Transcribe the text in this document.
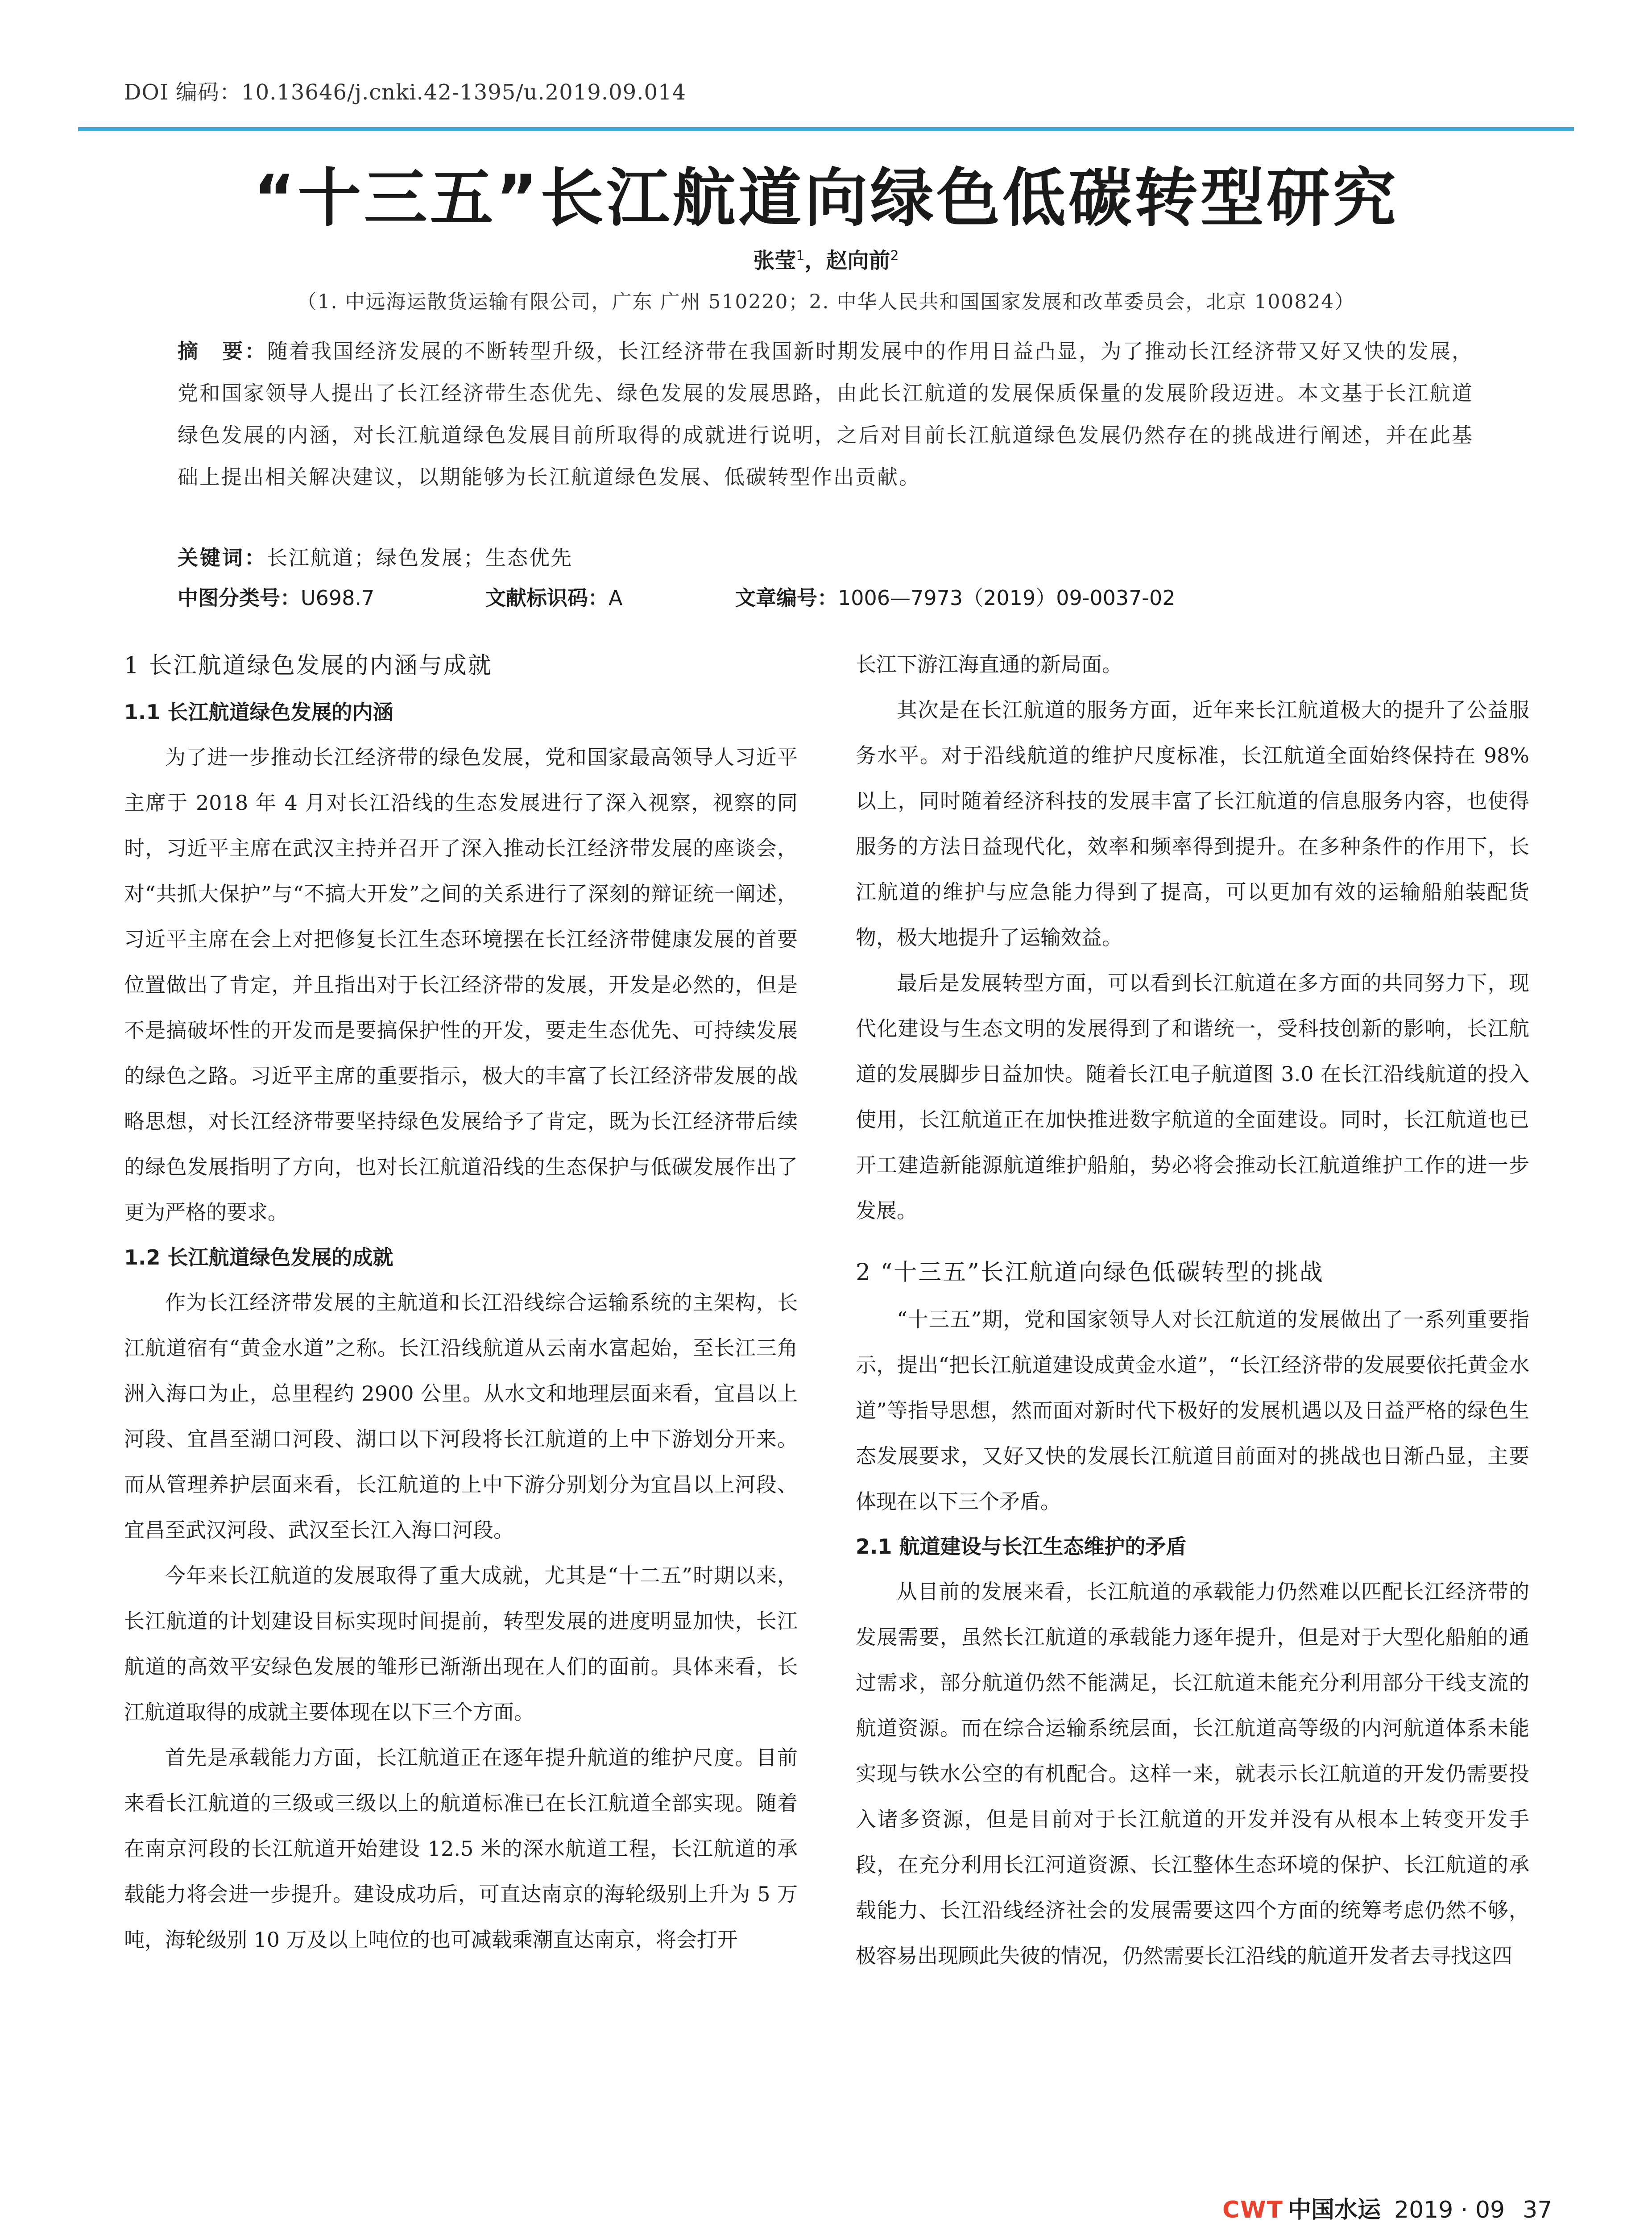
DOI 编码：10.13646/j.cnki.42-1395/u.2019.09.014
“十三五”长江航道向绿色低碳转型研究
张莹$^1$，赵向前$^2$
（1. 中远海运散货运输有限公司，广东 广州 510220；2. 中华人民共和国国家发展和改革委员会，北京 100824）
摘　要：随着我国经济发展的不断转型升级，长江经济带在我国新时期发展中的作用日益凸显，为了推动长江经济带又好又快的发展，党和国家领导人提出了长江经济带生态优先、绿色发展的发展思路，由此长江航道的发展保质保量的发展阶段迈进。本文基于长江航道绿色发展的内涵，对长江航道绿色发展目前所取得的成就进行说明，之后对目前长江航道绿色发展仍然存在的挑战进行阐述，并在此基础上提出相关解决建议，以期能够为长江航道绿色发展、低碳转型作出贡献。
关键词：长江航道；绿色发展；生态优先
中图分类号：U698.7	文献标识码：A	文章编号：1006—7973（2019）09-0037-02
1 长江航道绿色发展的内涵与成就
1.1 长江航道绿色发展的内涵

为了进一步推动长江经济带的绿色发展，党和国家最高领导人习近平主席于 2018 年 4 月对长江沿线的生态发展进行了深入视察，视察的同时，习近平主席在武汉主持并召开了深入推动长江经济带发展的座谈会，对“共抓大保护”与“不搞大开发”之间的关系进行了深刻的辩证统一阐述，习近平主席在会上对把修复长江生态环境摆在长江经济带健康发展的首要位置做出了肯定，并且指出对于长江经济带的发展，开发是必然的，但是不是搞破坏性的开发而是要搞保护性的开发，要走生态优先、可持续发展的绿色之路。习近平主席的重要指示，极大的丰富了长江经济带发展的战略思想，对长江经济带要坚持绿色发展给予了肯定，既为长江经济带后续的绿色发展指明了方向，也对长江航道沿线的生态保护与低碳发展作出了更为严格的要求。

1.2 长江航道绿色发展的成就

作为长江经济带发展的主航道和长江沿线综合运输系统的主架构，长江航道宿有“黄金水道”之称。长江沿线航道从云南水富起始，至长江三角洲入海口为止，总里程约 2900 公里。从水文和地理层面来看，宜昌以上河段、宜昌至湖口河段、湖口以下河段将长江航道的上中下游划分开来。而从管理养护层面来看，长江航道的上中下游分别划分为宜昌以上河段、宜昌至武汉河段、武汉至长江入海口河段。

今年来长江航道的发展取得了重大成就，尤其是“十二五”时期以来，长江航道的计划建设目标实现时间提前，转型发展的进度明显加快，长江航道的高效平安绿色发展的雏形已渐渐出现在人们的面前。具体来看，长江航道取得的成就主要体现在以下三个方面。

首先是承载能力方面，长江航道正在逐年提升航道的维护尺度。目前来看长江航道的三级或三级以上的航道标准已在长江航道全部实现。随着在南京河段的长江航道开始建设 12.5 米的深水航道工程，长江航道的承载能力将会进一步提升。建设成功后，可直达南京的海轮级别上升为 5 万吨，海轮级别 10 万及以上吨位的也可减载乘潮直达南京，将会打开

长江下游江海直通的新局面。

其次是在长江航道的服务方面，近年来长江航道极大的提升了公益服务水平。对于沿线航道的维护尺度标准，长江航道全面始终保持在 98% 以上，同时随着经济科技的发展丰富了长江航道的信息服务内容，也使得服务的方法日益现代化，效率和频率得到提升。在多种条件的作用下，长江航道的维护与应急能力得到了提高，可以更加有效的运输船舶装配货物，极大地提升了运输效益。

最后是发展转型方面，可以看到长江航道在多方面的共同努力下，现代化建设与生态文明的发展得到了和谐统一，受科技创新的影响，长江航道的发展脚步日益加快。随着长江电子航道图 3.0 在长江沿线航道的投入使用，长江航道正在加快推进数字航道的全面建设。同时，长江航道也已开工建造新能源航道维护船舶，势必将会推动长江航道维护工作的进一步发展。

2 “十三五”长江航道向绿色低碳转型的挑战

“十三五”期，党和国家领导人对长江航道的发展做出了一系列重要指示，提出“把长江航道建设成黄金水道”，“长江经济带的发展要依托黄金水道”等指导思想，然而面对新时代下极好的发展机遇以及日益严格的绿色生态发展要求，又好又快的发展长江航道目前面对的挑战也日渐凸显，主要体现在以下三个矛盾。

2.1 航道建设与长江生态维护的矛盾

从目前的发展来看，长江航道的承载能力仍然难以匹配长江经济带的发展需要，虽然长江航道的承载能力逐年提升，但是对于大型化船舶的通过需求，部分航道仍然不能满足，长江航道未能充分利用部分干线支流的航道资源。而在综合运输系统层面，长江航道高等级的内河航道体系未能实现与铁水公空的有机配合。这样一来，就表示长江航道的开发仍需要投入诸多资源，但是目前对于长江航道的开发并没有从根本上转变开发手段，在充分利用长江河道资源、长江整体生态环境的保护、长江航道的承载能力、长江沿线经济社会的发展需要这四个方面的统筹考虑仍然不够，极容易出现顾此失彼的情况，仍然需要长江沿线的航道开发者去寻找这四

CWT 中国水运 2019 · 09 37
